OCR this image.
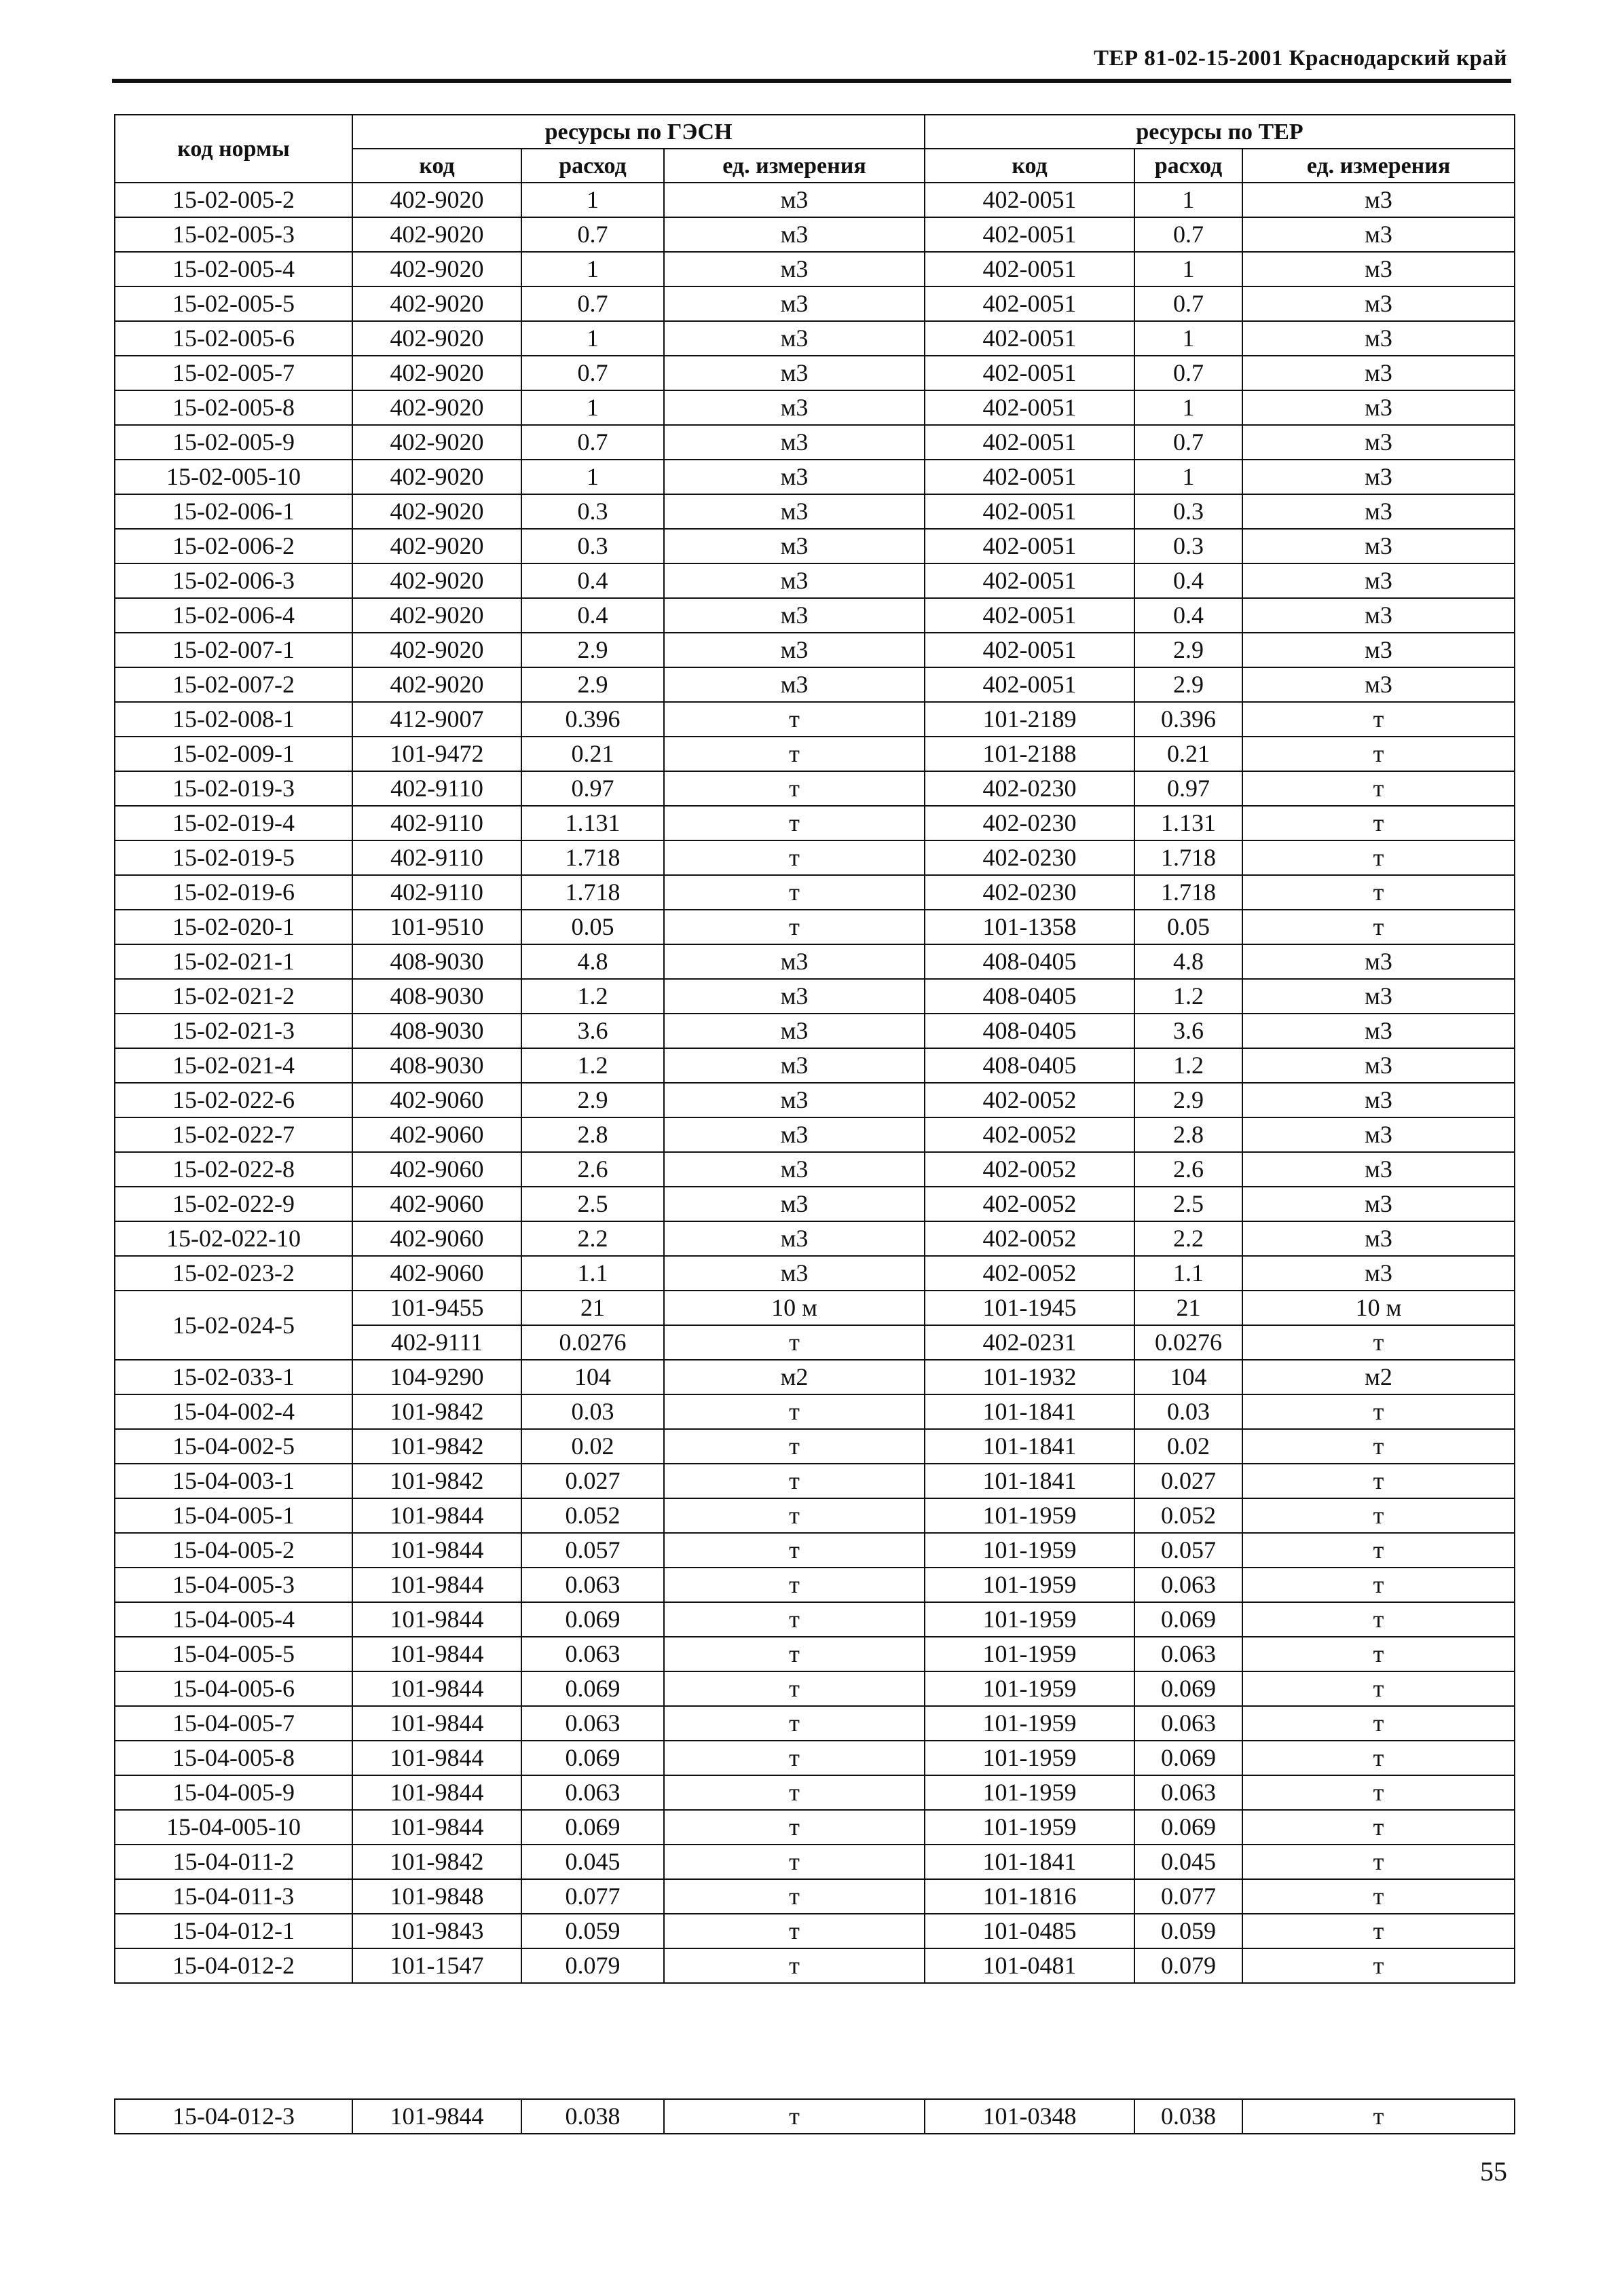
ТЕР 81-02-15-2001 Краснодарский край
код нормы	ресурсы по ГЭСН			ресурсы по ТЕР		
	код	расход	ед. измерения	код	расход	ед. измерения
15-02-005-2	402-9020	1	м3	402-0051	1	м3
15-02-005-3	402-9020	0.7	м3	402-0051	0.7	м3
15-02-005-4	402-9020	1	м3	402-0051	1	м3
15-02-005-5	402-9020	0.7	м3	402-0051	0.7	м3
15-02-005-6	402-9020	1	м3	402-0051	1	м3
15-02-005-7	402-9020	0.7	м3	402-0051	0.7	м3
15-02-005-8	402-9020	1	м3	402-0051	1	м3
15-02-005-9	402-9020	0.7	м3	402-0051	0.7	м3
15-02-005-10	402-9020	1	м3	402-0051	1	м3
15-02-006-1	402-9020	0.3	м3	402-0051	0.3	м3
15-02-006-2	402-9020	0.3	м3	402-0051	0.3	м3
15-02-006-3	402-9020	0.4	м3	402-0051	0.4	м3
15-02-006-4	402-9020	0.4	м3	402-0051	0.4	м3
15-02-007-1	402-9020	2.9	м3	402-0051	2.9	м3
15-02-007-2	402-9020	2.9	м3	402-0051	2.9	м3
15-02-008-1	412-9007	0.396	т	101-2189	0.396	т
15-02-009-1	101-9472	0.21	т	101-2188	0.21	т
15-02-019-3	402-9110	0.97	т	402-0230	0.97	т
15-02-019-4	402-9110	1.131	т	402-0230	1.131	т
15-02-019-5	402-9110	1.718	т	402-0230	1.718	т
15-02-019-6	402-9110	1.718	т	402-0230	1.718	т
15-02-020-1	101-9510	0.05	т	101-1358	0.05	т
15-02-021-1	408-9030	4.8	м3	408-0405	4.8	м3
15-02-021-2	408-9030	1.2	м3	408-0405	1.2	м3
15-02-021-3	408-9030	3.6	м3	408-0405	3.6	м3
15-02-021-4	408-9030	1.2	м3	408-0405	1.2	м3
15-02-022-6	402-9060	2.9	м3	402-0052	2.9	м3
15-02-022-7	402-9060	2.8	м3	402-0052	2.8	м3
15-02-022-8	402-9060	2.6	м3	402-0052	2.6	м3
15-02-022-9	402-9060	2.5	м3	402-0052	2.5	м3
15-02-022-10	402-9060	2.2	м3	402-0052	2.2	м3
15-02-023-2	402-9060	1.1	м3	402-0052	1.1	м3
15-02-024-5	101-9455	21	10 м	101-1945	21	10 м
	402-9111	0.0276	т	402-0231	0.0276	т
15-02-033-1	104-9290	104	м2	101-1932	104	м2
15-04-002-4	101-9842	0.03	т	101-1841	0.03	т
15-04-002-5	101-9842	0.02	т	101-1841	0.02	т
15-04-003-1	101-9842	0.027	т	101-1841	0.027	т
15-04-005-1	101-9844	0.052	т	101-1959	0.052	т
15-04-005-2	101-9844	0.057	т	101-1959	0.057	т
15-04-005-3	101-9844	0.063	т	101-1959	0.063	т
15-04-005-4	101-9844	0.069	т	101-1959	0.069	т
15-04-005-5	101-9844	0.063	т	101-1959	0.063	т
15-04-005-6	101-9844	0.069	т	101-1959	0.069	т
15-04-005-7	101-9844	0.063	т	101-1959	0.063	т
15-04-005-8	101-9844	0.069	т	101-1959	0.069	т
15-04-005-9	101-9844	0.063	т	101-1959	0.063	т
15-04-005-10	101-9844	0.069	т	101-1959	0.069	т
15-04-011-2	101-9842	0.045	т	101-1841	0.045	т
15-04-011-3	101-9848	0.077	т	101-1816	0.077	т
15-04-012-1	101-9843	0.059	т	101-0485	0.059	т
15-04-012-2	101-1547	0.079	т	101-0481	0.079	т
15-04-012-3	101-9844	0.038	т	101-0348	0.038	т
55
